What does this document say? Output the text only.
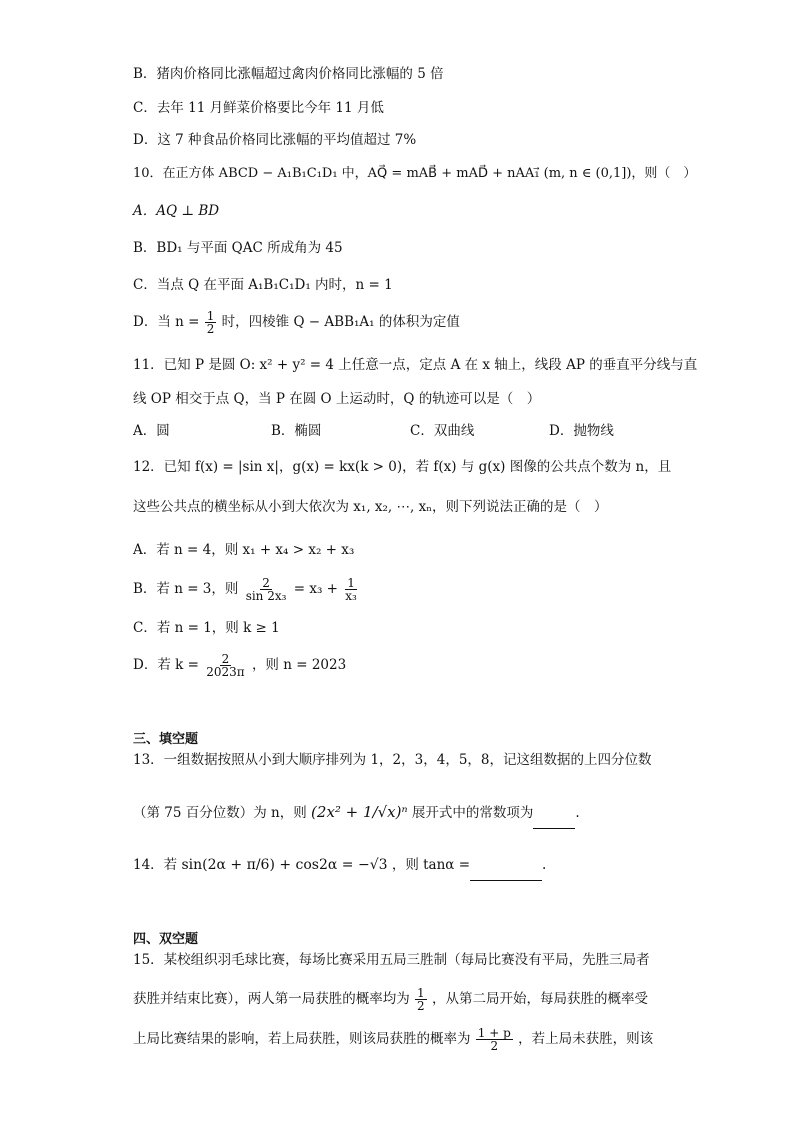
B．猪肉价格同比涨幅超过禽肉价格同比涨幅的 5 倍
C．去年 11 月鲜菜价格要比今年 11 月低
D．这 7 种食品价格同比涨幅的平均值超过 7%
10．在正方体 ABCD − A₁B₁C₁D₁ 中，AQ⃗ = mAB⃗ + mAD⃗ + nAA₁⃗ (m, n ∈ (0,1])，则（　）
A．AQ ⊥ BD
B．BD₁ 与平面 QAC 所成角为 45
C．当点 Q 在平面 A₁B₁C₁D₁ 内时，n = 1
D．当 $n = \frac{1}{2}$ 时，四棱锥 Q − ABB₁A₁ 的体积为定值
11．已知 P 是圆 O: x² + y² = 4 上任意一点，定点 A 在 x 轴上，线段 AP 的垂直平分线与直
线 OP 相交于点 Q，当 P 在圆 O 上运动时，Q 的轨迹可以是（　）
A．圆	B．椭圆	C．双曲线	D．抛物线
12．已知 f(x) = |sin x|，g(x) = kx(k > 0)，若 f(x) 与 g(x) 图像的公共点个数为 n，且
这些公共点的横坐标从小到大依次为 x₁, x₂, ⋯, xₙ，则下列说法正确的是（　）
A．若 n = 4，则 x₁ + x₄ > x₂ + x₃
B．若 n = 3，则 $\frac{2}{\text{sin 2x₃}} = x_3 + \frac{1}{\text{x₃}}$
C．若 n = 1，则 k ≥ 1
D．若 $k = \frac{2}{2023\pi}$ ，则 n = 2023
三、填空题
13．一组数据按照从小到大顺序排列为 1，2，3，4，5，8，记这组数据的上四分位数
（第 75 百分位数）为 n，则 (2x² + 1/√x)ⁿ 展开式中的常数项为	.
14．若 sin(2α + π/6) + cos2α = −√3 ，则 tanα =	.
四、双空题
15．某校组织羽毛球比赛，每场比赛采用五局三胜制（每局比赛没有平局，先胜三局者
获胜并结束比赛），两人第一局获胜的概率均为 $\frac{1}{2}$ ，从第二局开始，每局获胜的概率受
上局比赛结果的影响，若上局获胜，则该局获胜的概率为 $\frac{1 + p}{2}$ ，若上局未获胜，则该
